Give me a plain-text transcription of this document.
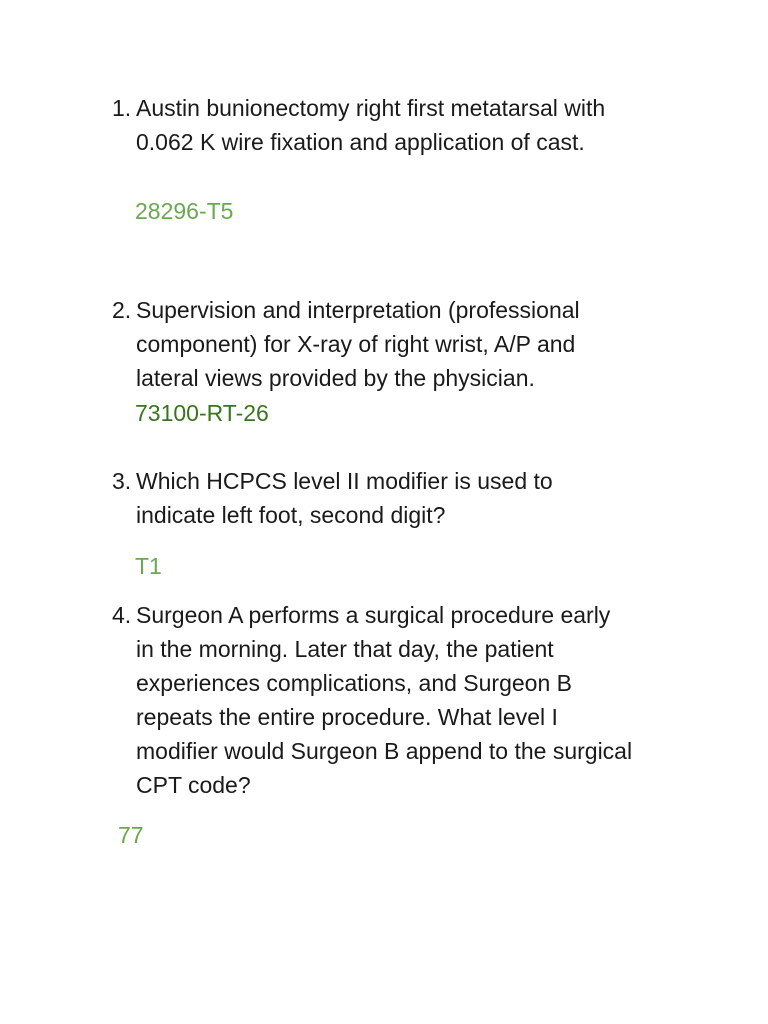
1. Austin bunionectomy right first metatarsal with
0.062 K wire fixation and application of cast.
28296-T5
2. Supervision and interpretation (professional
component) for X-ray of right wrist, A/P and
lateral views provided by the physician.
73100-RT-26
3. Which HCPCS level II modifier is used to
indicate left foot, second digit?
T1
4. Surgeon A performs a surgical procedure early
in the morning. Later that day, the patient
experiences complications, and Surgeon B
repeats the entire procedure. What level I
modifier would Surgeon B append to the surgical
CPT code?
77
